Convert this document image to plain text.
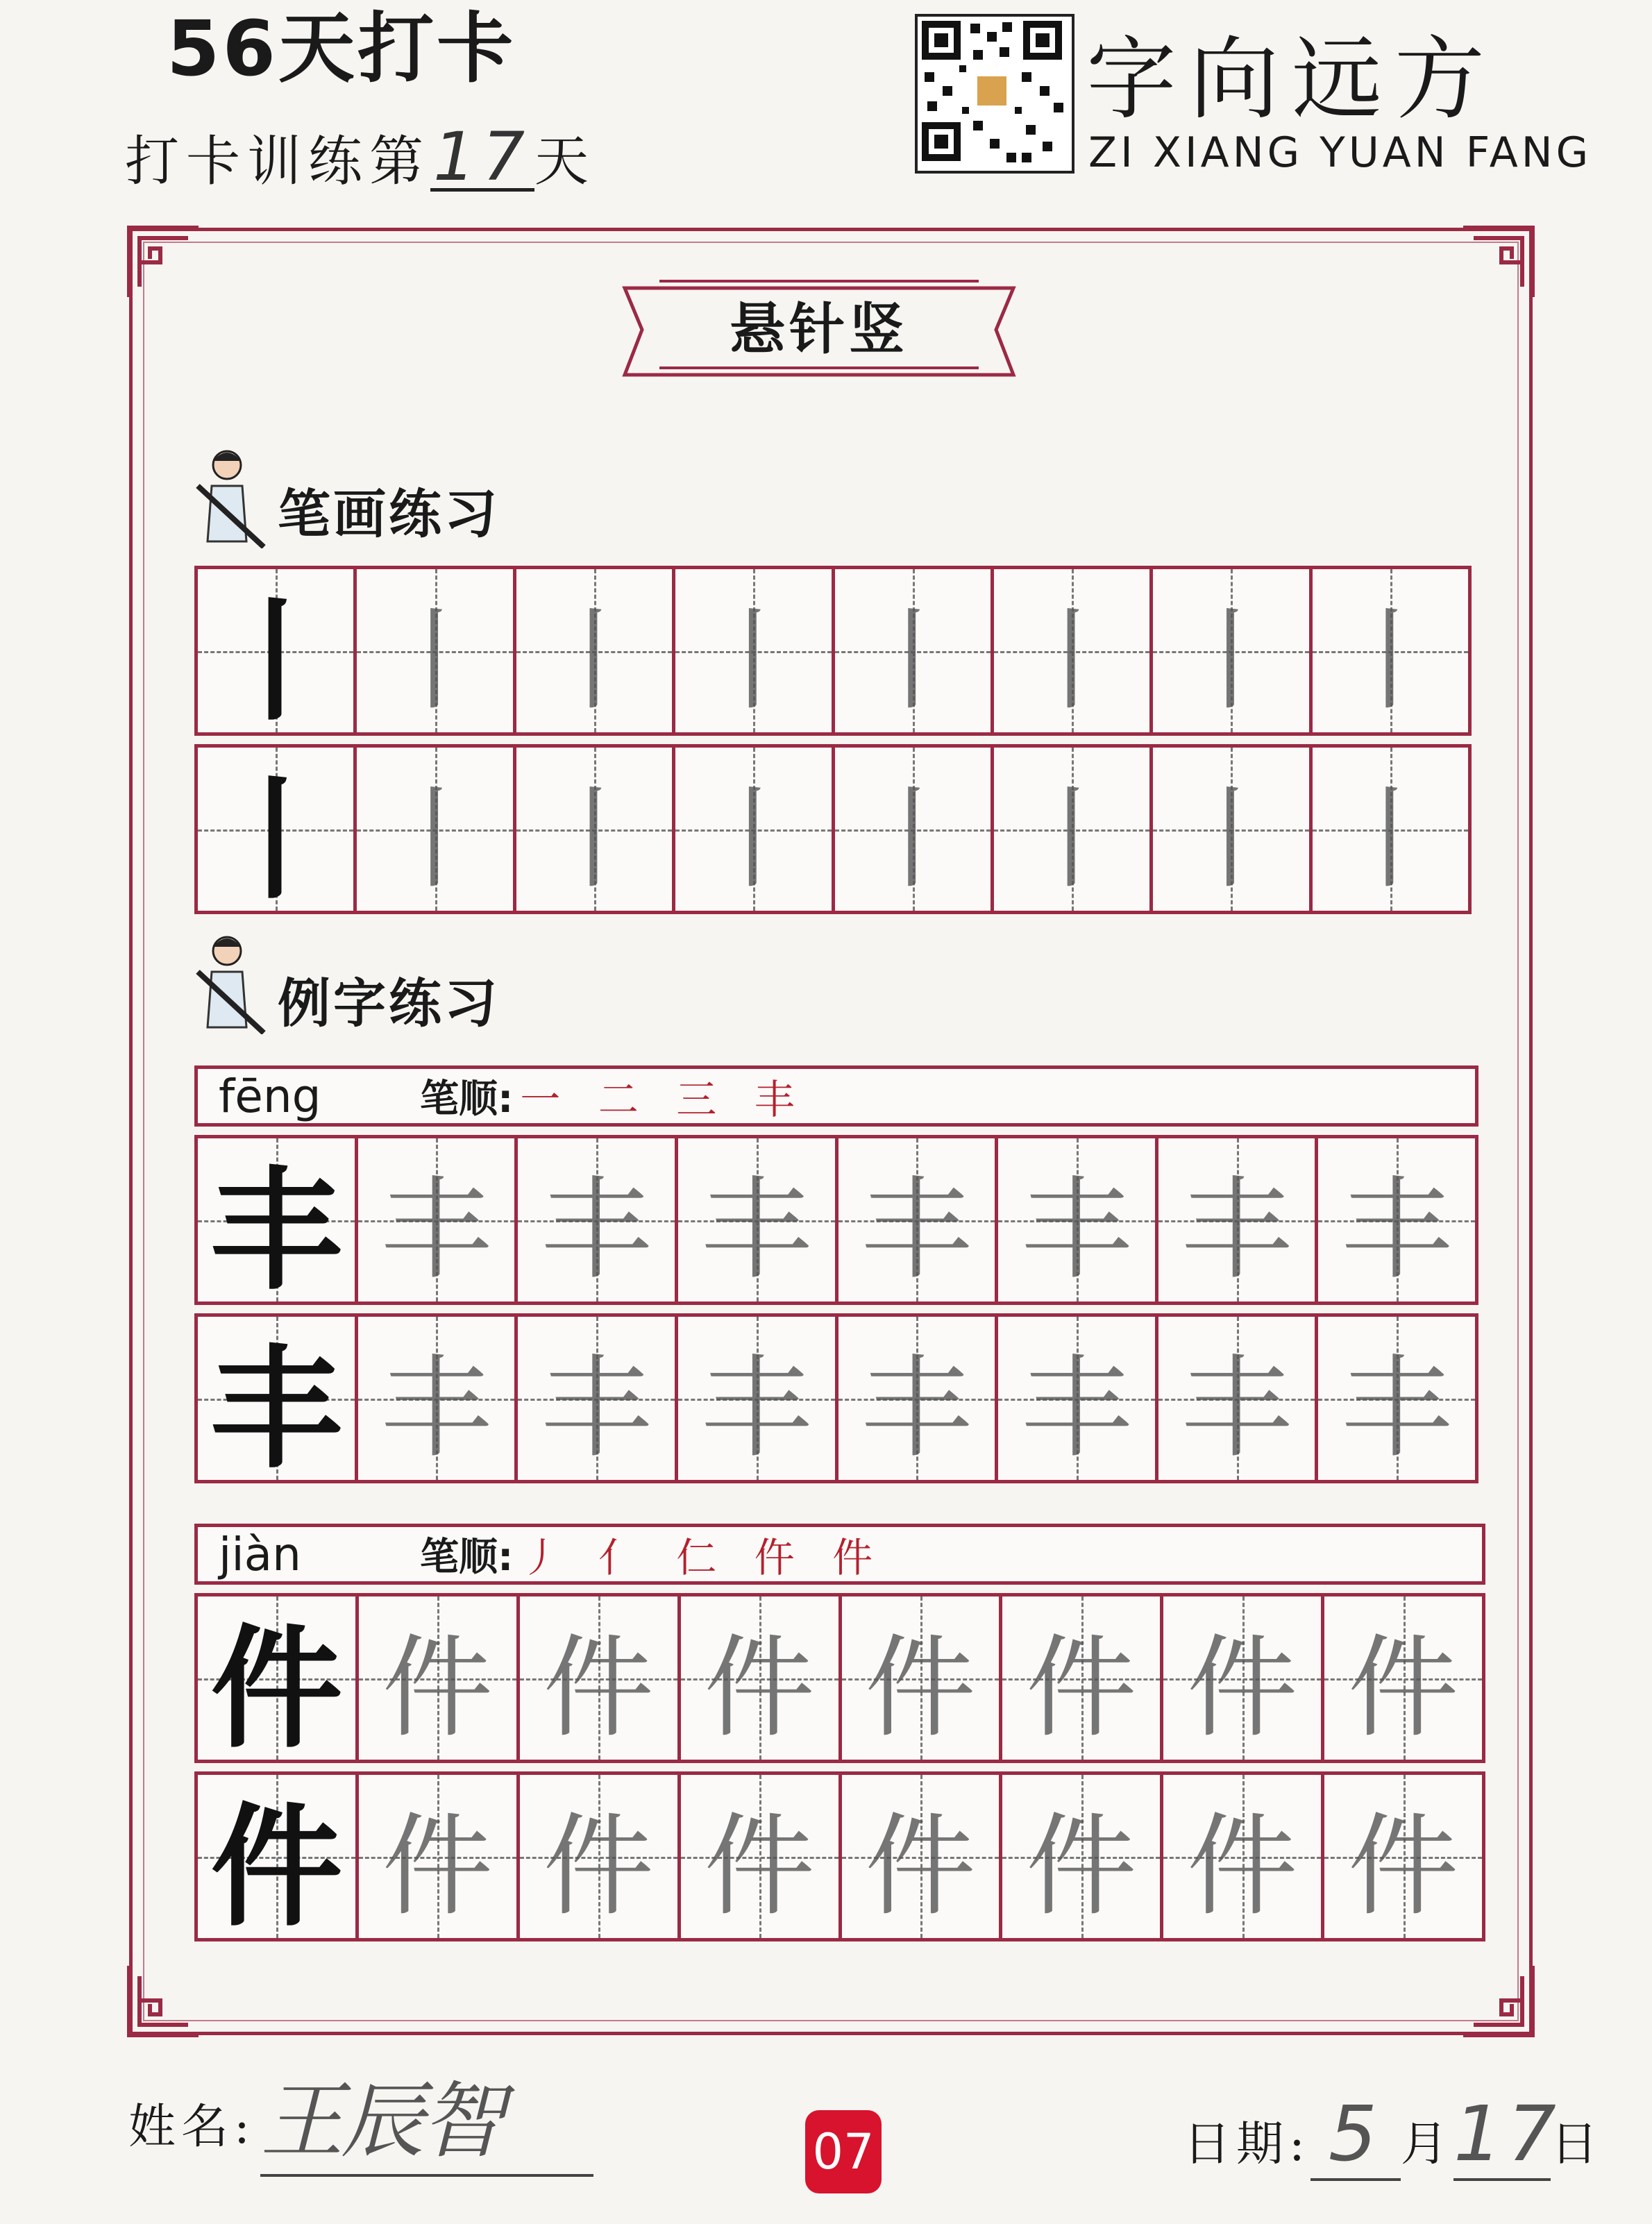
56天打卡
打卡训练第17天
字向远方
ZI XIANG YUAN FANG
悬针竖
笔画练习
丨 丨 丨 丨 丨 丨 丨 丨
丨 丨 丨 丨 丨 丨 丨 丨
例字练习
fēng	笔顺: 一 二 三 丰
丰 丰 丰 丰 丰 丰 丰 丰
丰 丰 丰 丰 丰 丰 丰 丰
jiàn	笔顺: 丿 亻 仁 仵 件
件 件 件 件 件 件 件 件
件 件 件 件 件 件 件 件
姓名: 王辰智	07	日期: 5 月17日
